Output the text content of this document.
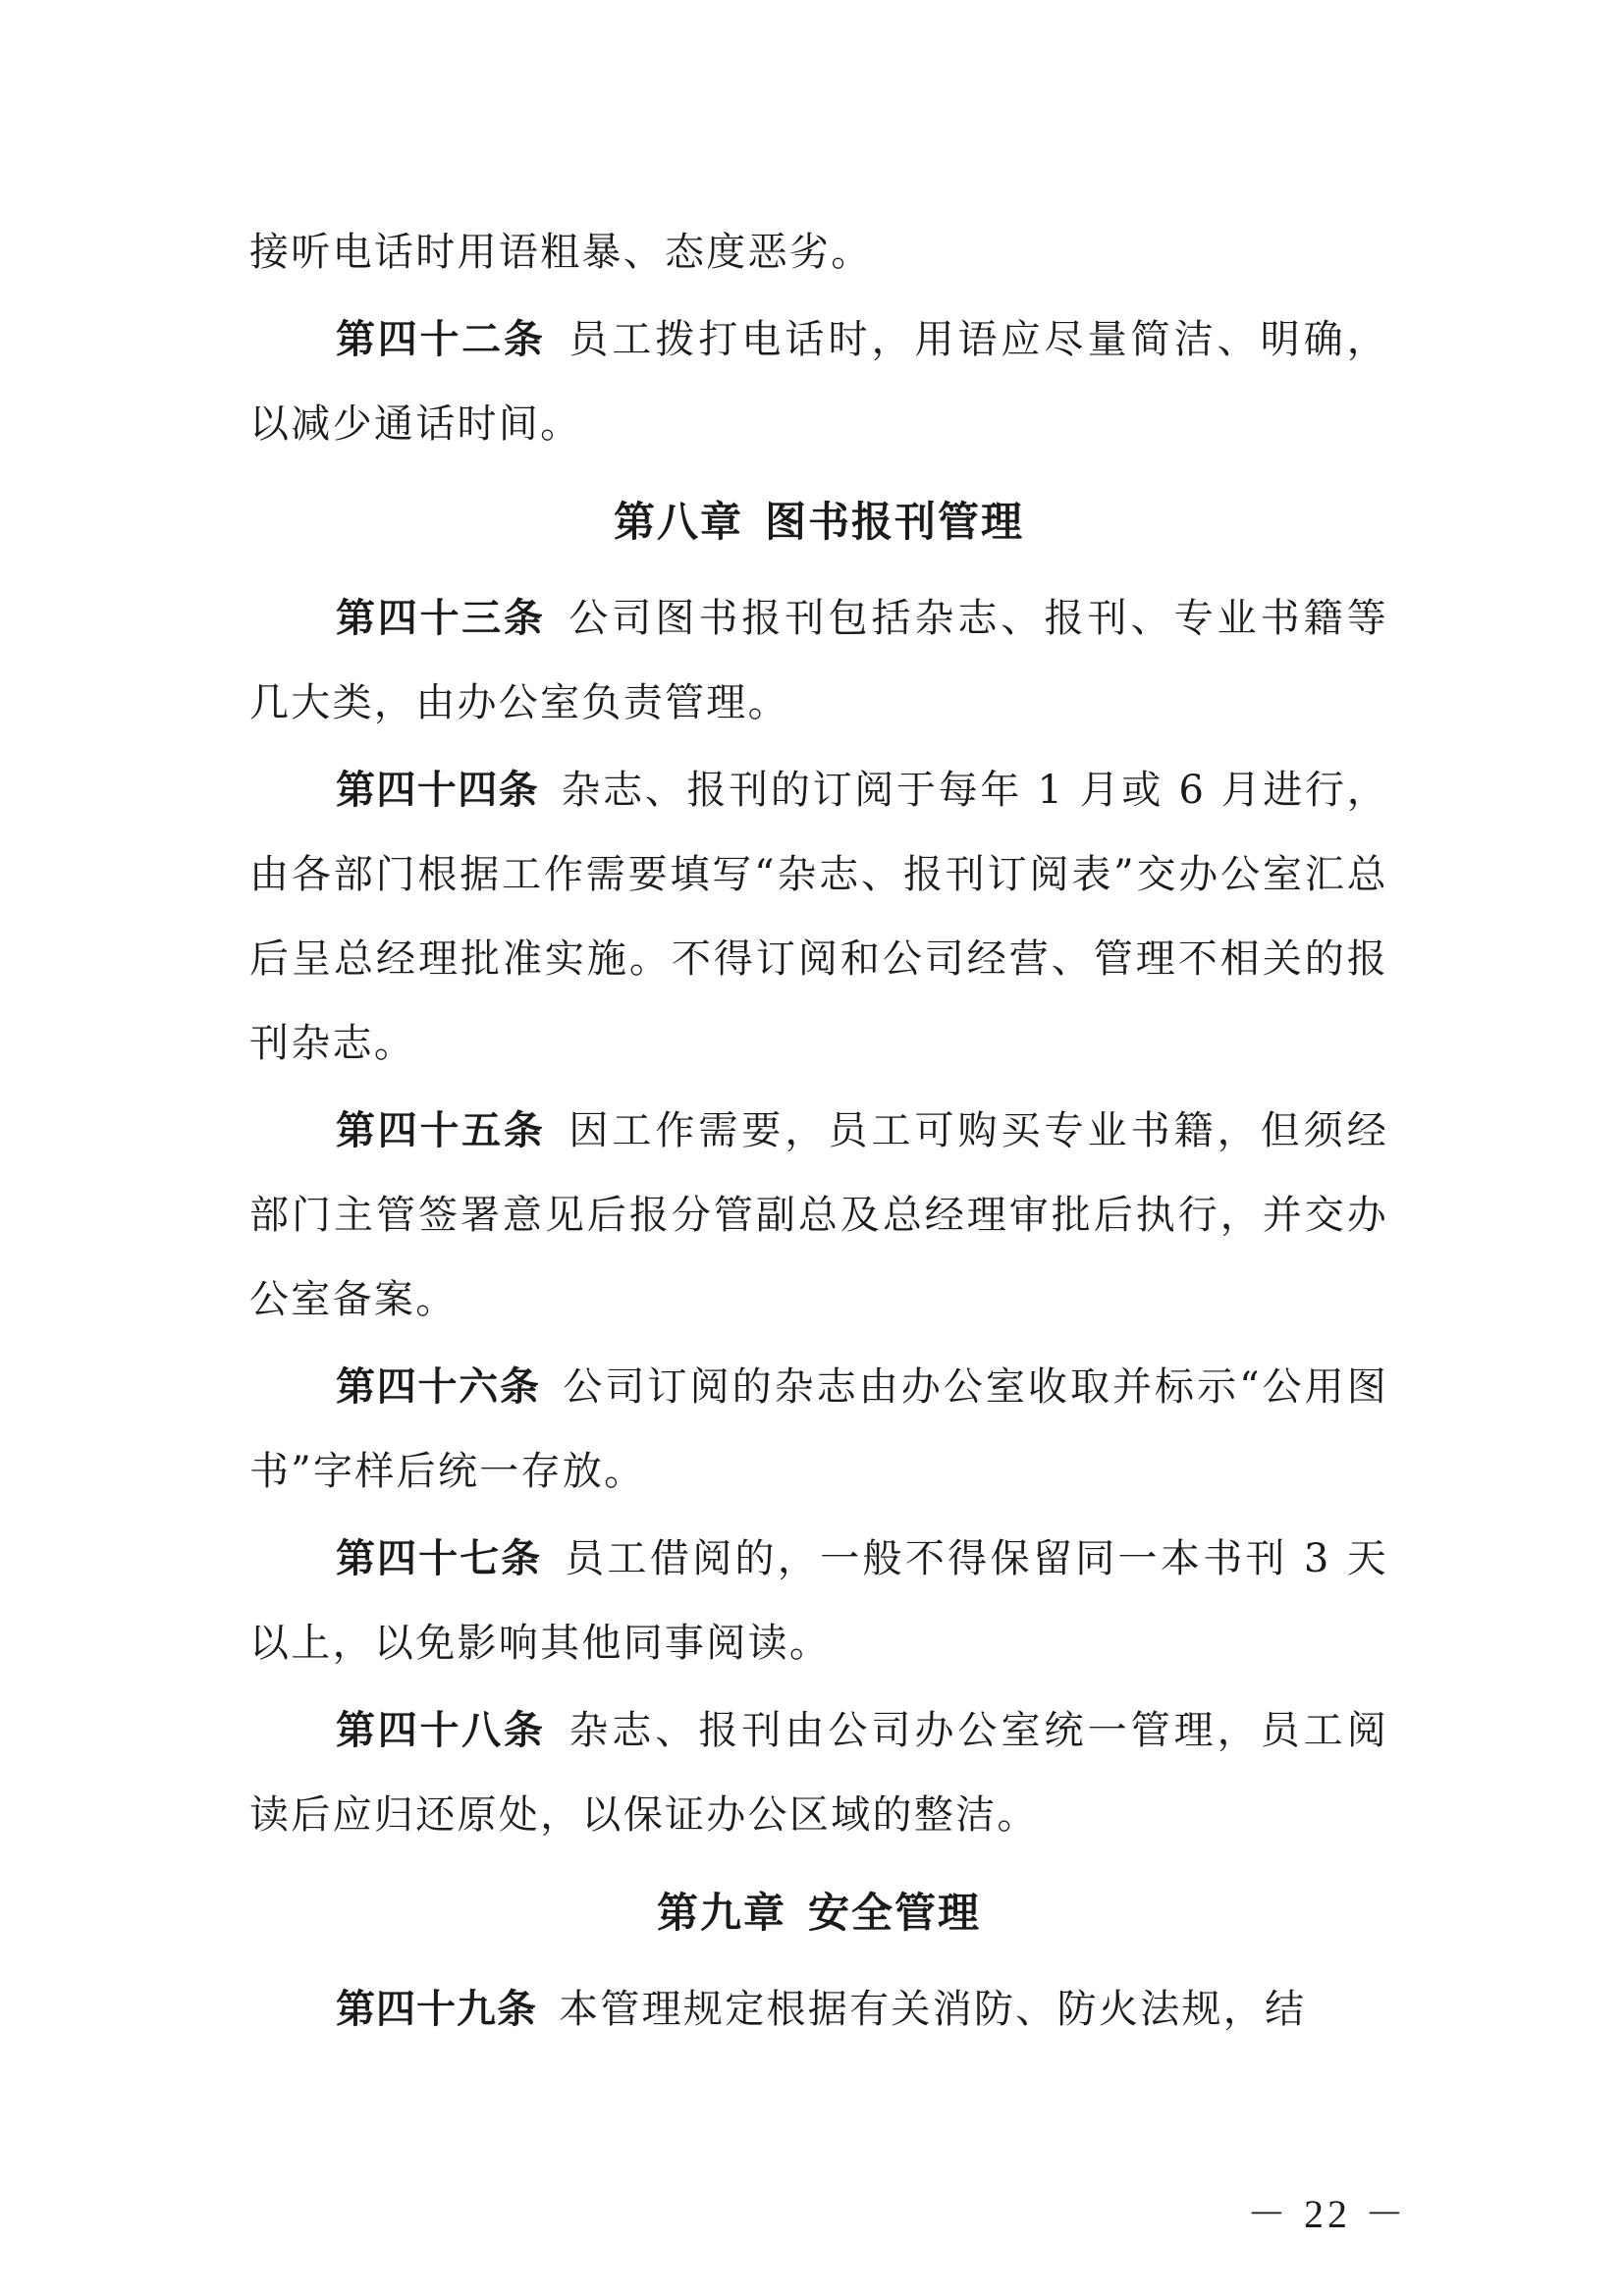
接听电话时用语粗暴、态度恶劣。

第四十二条 员工拨打电话时，用语应尽量简洁、明确，以减少通话时间。

第八章 图书报刊管理

第四十三条 公司图书报刊包括杂志、报刊、专业书籍等几大类，由办公室负责管理。

第四十四条 杂志、报刊的订阅于每年 1 月或 6 月进行，由各部门根据工作需要填写“杂志、报刊订阅表”交办公室汇总后呈总经理批准实施。不得订阅和公司经营、管理不相关的报刊杂志。

第四十五条 因工作需要，员工可购买专业书籍，但须经部门主管签署意见后报分管副总及总经理审批后执行，并交办公室备案。

第四十六条 公司订阅的杂志由办公室收取并标示“公用图书”字样后统一存放。

第四十七条 员工借阅的，一般不得保留同一本书刊 3 天以上，以免影响其他同事阅读。

第四十八条 杂志、报刊由公司办公室统一管理，员工阅读后应归还原处，以保证办公区域的整洁。

第九章 安全管理

第四十九条 本管理规定根据有关消防、防火法规，结

－ 22 －
